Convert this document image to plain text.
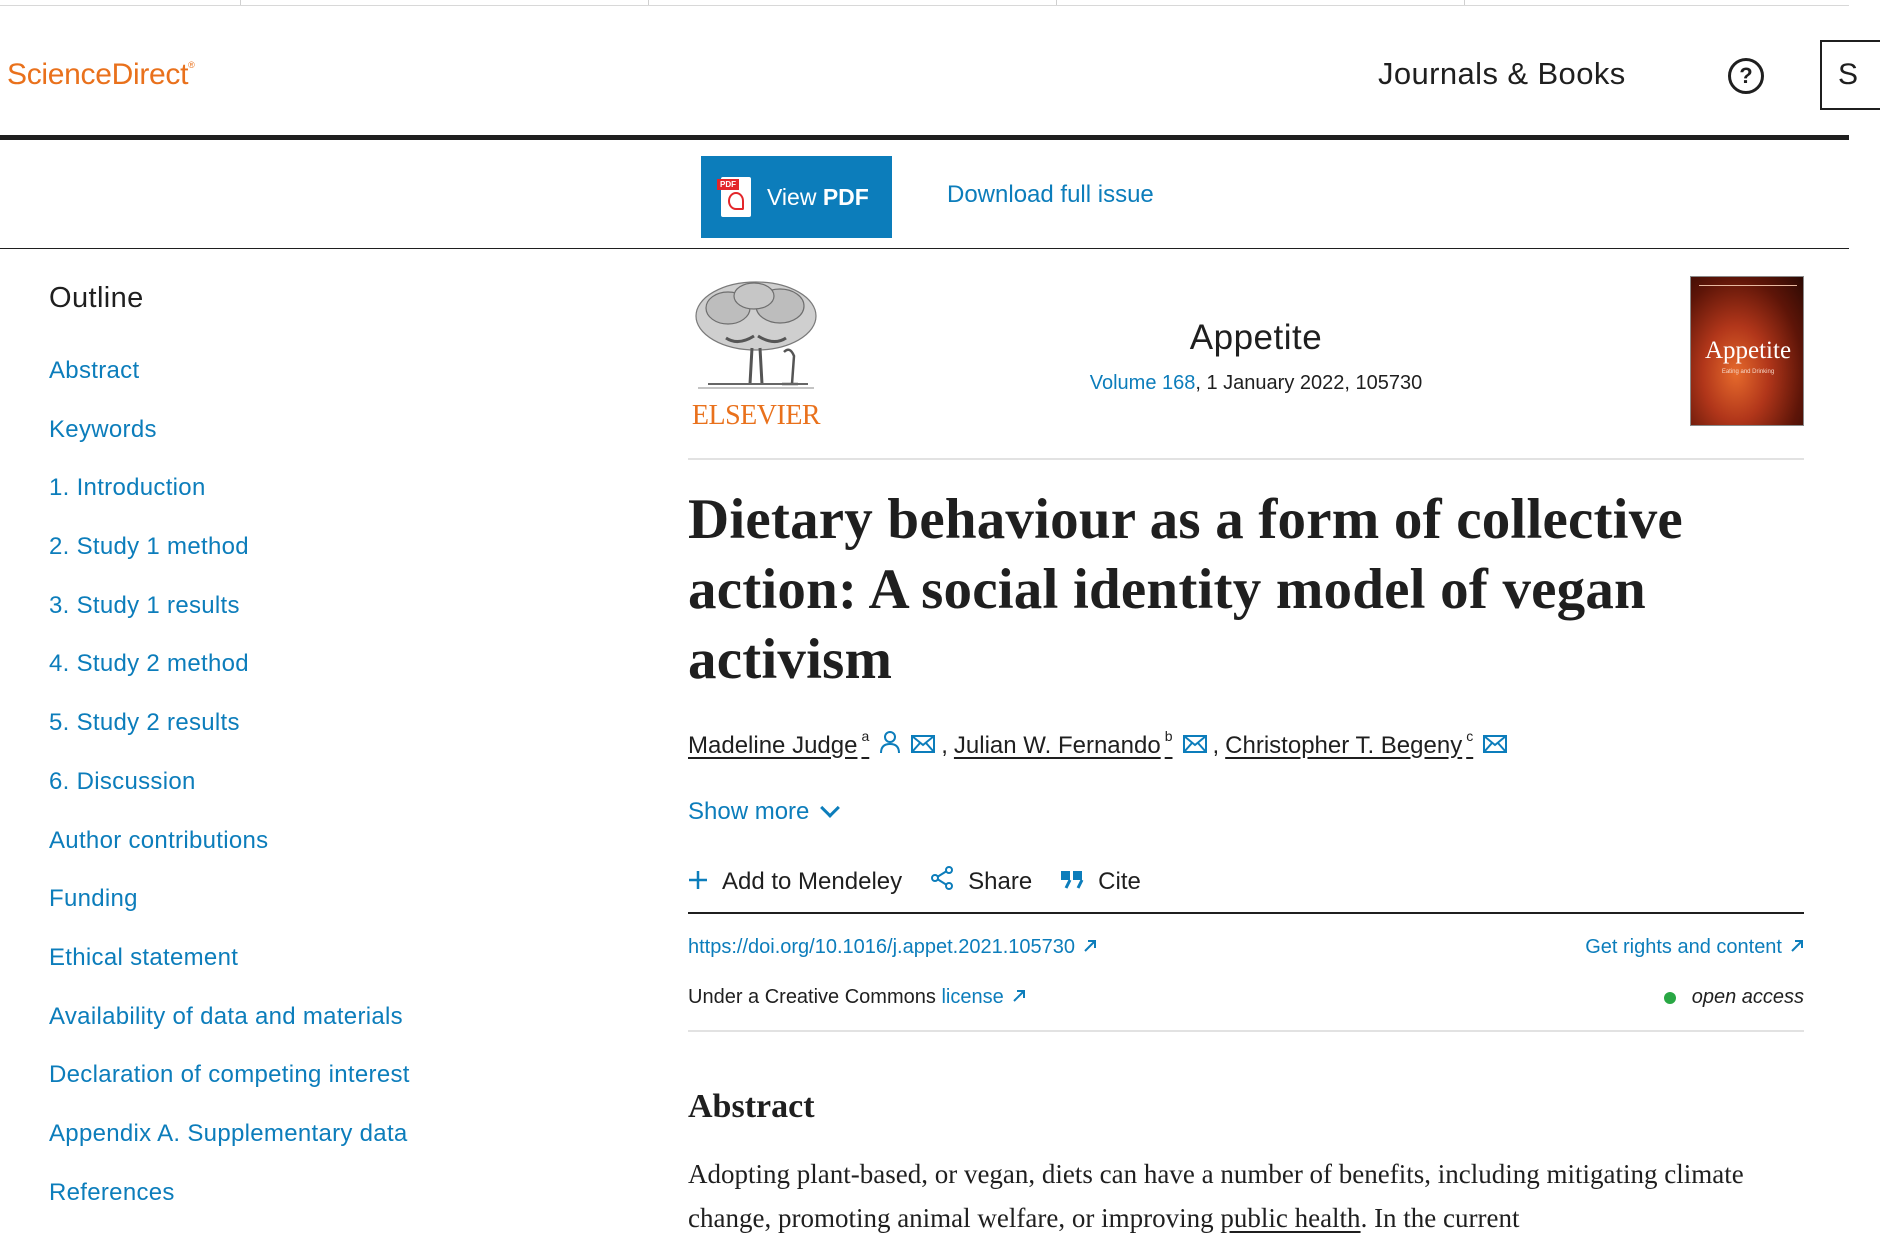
ScienceDirect®	Journals & Books	?	S
PDF View PDF	Download full issue
Outline
Abstract
Keywords
1. Introduction
2. Study 1 method
3. Study 1 results
4. Study 2 method
5. Study 2 results
6. Discussion
Author contributions
Funding
Ethical statement
Availability of data and materials
Declaration of competing interest
Appendix A. Supplementary data
References
ELSEVIER
Appetite
Volume 168, 1 January 2022, 105730
Appetite
Eating and Drinking
Dietary behaviour as a form of collective action: A social identity model of vegan activism
Madeline Judge $^a$	, Julian W. Fernando $^b$ , Christopher T. Begeny $^c$
Show more
Add to Mendeley	Share	Cite
https://doi.org/10.1016/j.appet.2021.105730	Get rights and content
Under a Creative Commons license	open access
Abstract

Adopting plant-based, or vegan, diets can have a number of benefits, including mitigating climate change, promoting animal welfare, or improving public health. In the current
